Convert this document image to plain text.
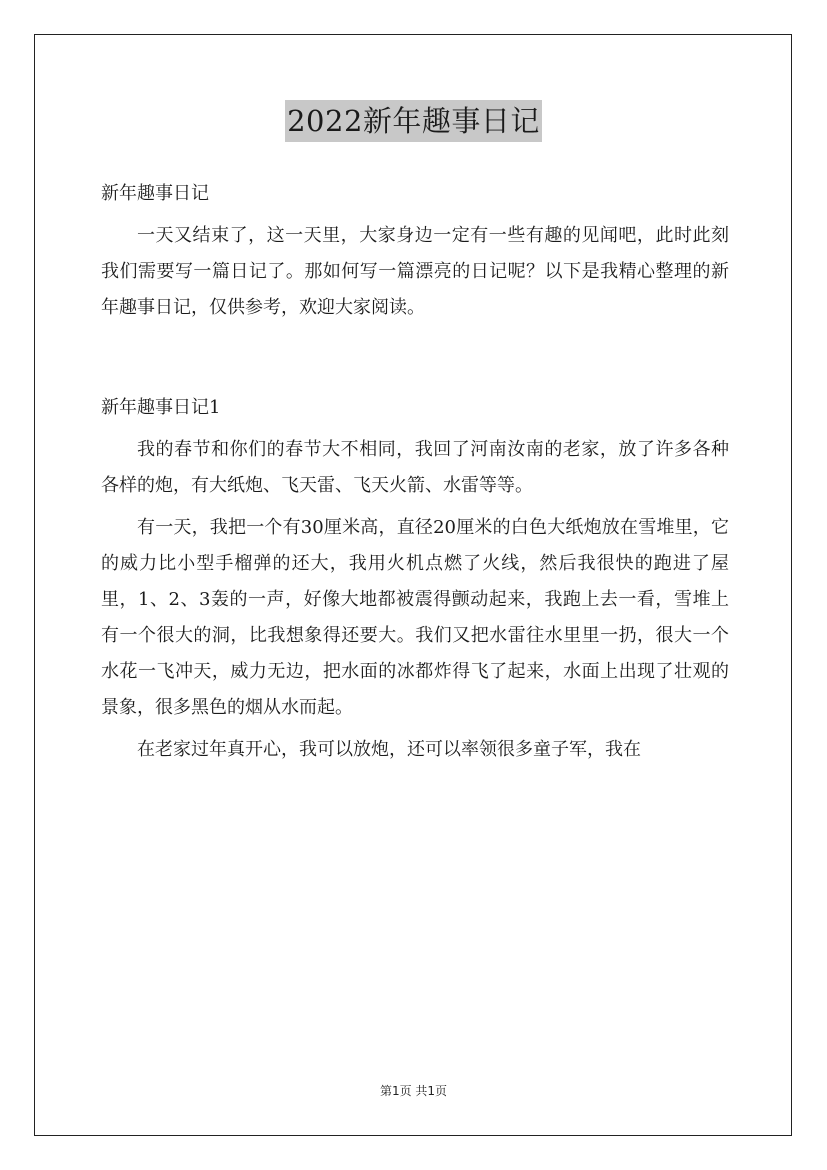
2022新年趣事日记

新年趣事日记

一天又结束了，这一天里，大家身边一定有一些有趣的见闻吧，此时此刻我们需要写一篇日记了。那如何写一篇漂亮的日记呢？以下是我精心整理的新年趣事日记，仅供参考，欢迎大家阅读。

新年趣事日记1

我的春节和你们的春节大不相同，我回了河南汝南的老家，放了许多各种各样的炮，有大纸炮、飞天雷、飞天火箭、水雷等等。

有一天，我把一个有30厘米高，直径20厘米的白色大纸炮放在雪堆里，它的威力比小型手榴弹的还大，我用火机点燃了火线，然后我很快的跑进了屋里，1、2、3轰的一声，好像大地都被震得颤动起来，我跑上去一看，雪堆上有一个很大的洞，比我想象得还要大。我们又把水雷往水里里一扔，很大一个水花一飞冲天，威力无边，把水面的冰都炸得飞了起来，水面上出现了壮观的景象，很多黑色的烟从水而起。

在老家过年真开心，我可以放炮，还可以率领很多童子军，我在

第1页 共1页
